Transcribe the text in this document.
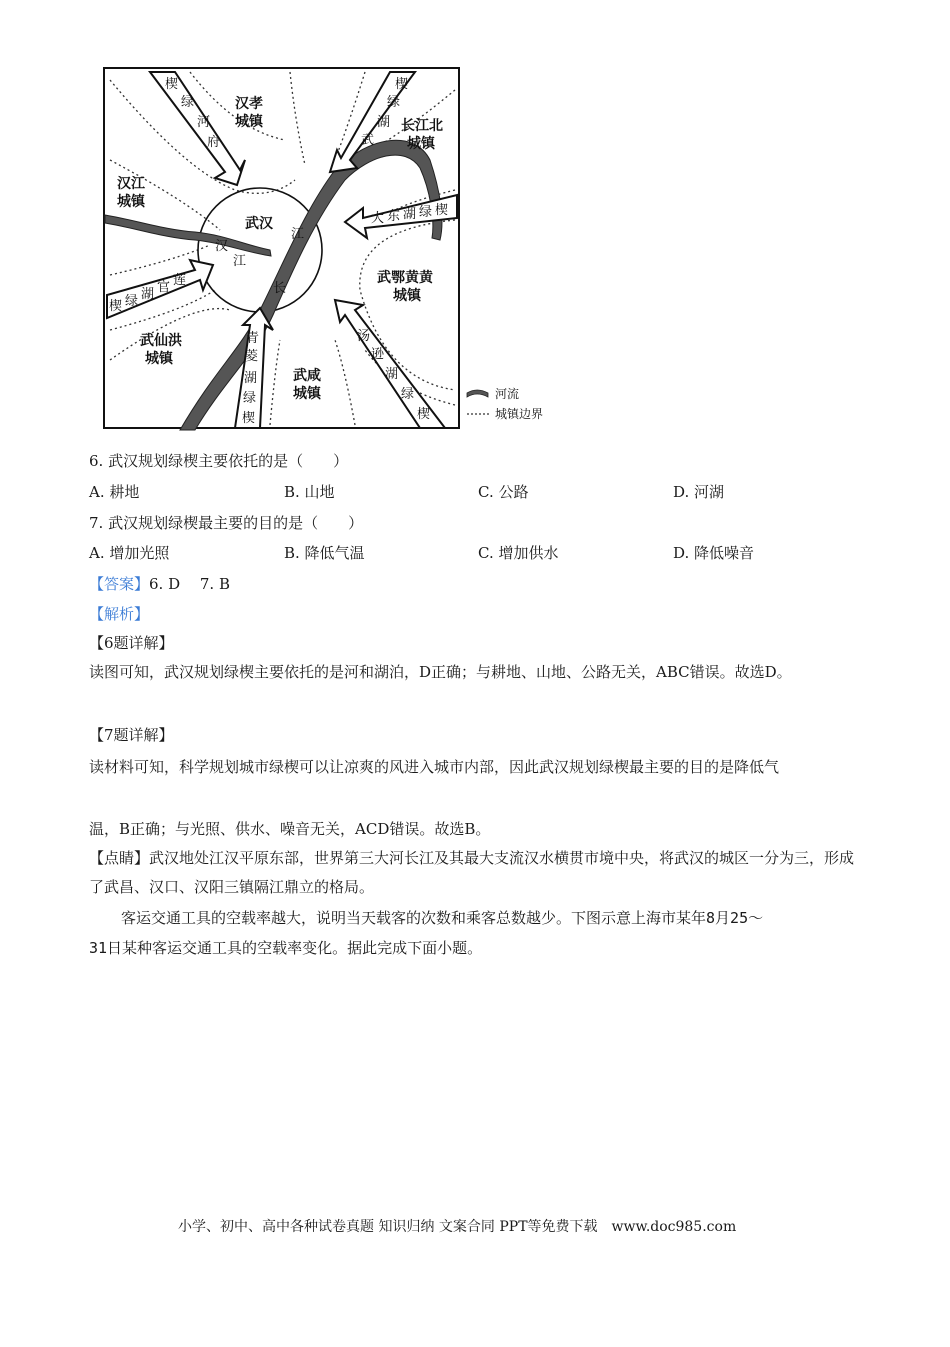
汉孝
城镇	长江北
城镇
汉江
城镇
武汉
武鄂黄黄
城镇
武仙洪
城镇
武咸
城镇
江
汉
江
长
楔
绿
河
府
楔
绿
湖
武
大 东 湖 绿 楔
楔 绿 湖 官 莲
青
菱
湖
绿
楔
汤
逊
湖
绿
楔
河流
城镇边界
6. 武汉规划绿楔主要依托的是（　　）
A. 耕地	B. 山地	C. 公路	D. 河湖
7. 武汉规划绿楔最主要的目的是（　　）
A. 增加光照	B. 降低气温	C. 增加供水	D. 降低噪音
【答案】6. D　 7. B
【解析】
【6题详解】
读图可知，武汉规划绿楔主要依托的是河和湖泊，D正确；与耕地、山地、公路无关，ABC错误。故选D。
【7题详解】
读材料可知，科学规划城市绿楔可以让凉爽的风进入城市内部，因此武汉规划绿楔最主要的目的是降低气
温，B正确；与光照、供水、噪音无关，ACD错误。故选B。
【点睛】武汉地处江汉平原东部，世界第三大河长江及其最大支流汉水横贯市境中央，将武汉的城区一分为三，形成了武昌、汉口、汉阳三镇隔江鼎立的格局。
客运交通工具的空载率越大，说明当天载客的次数和乘客总数越少。下图示意上海市某年8月25～
31日某种客运交通工具的空载率变化。据此完成下面小题。
小学、初中、高中各种试卷真题 知识归纳 文案合同 PPT等免费下载　www.doc985.com
